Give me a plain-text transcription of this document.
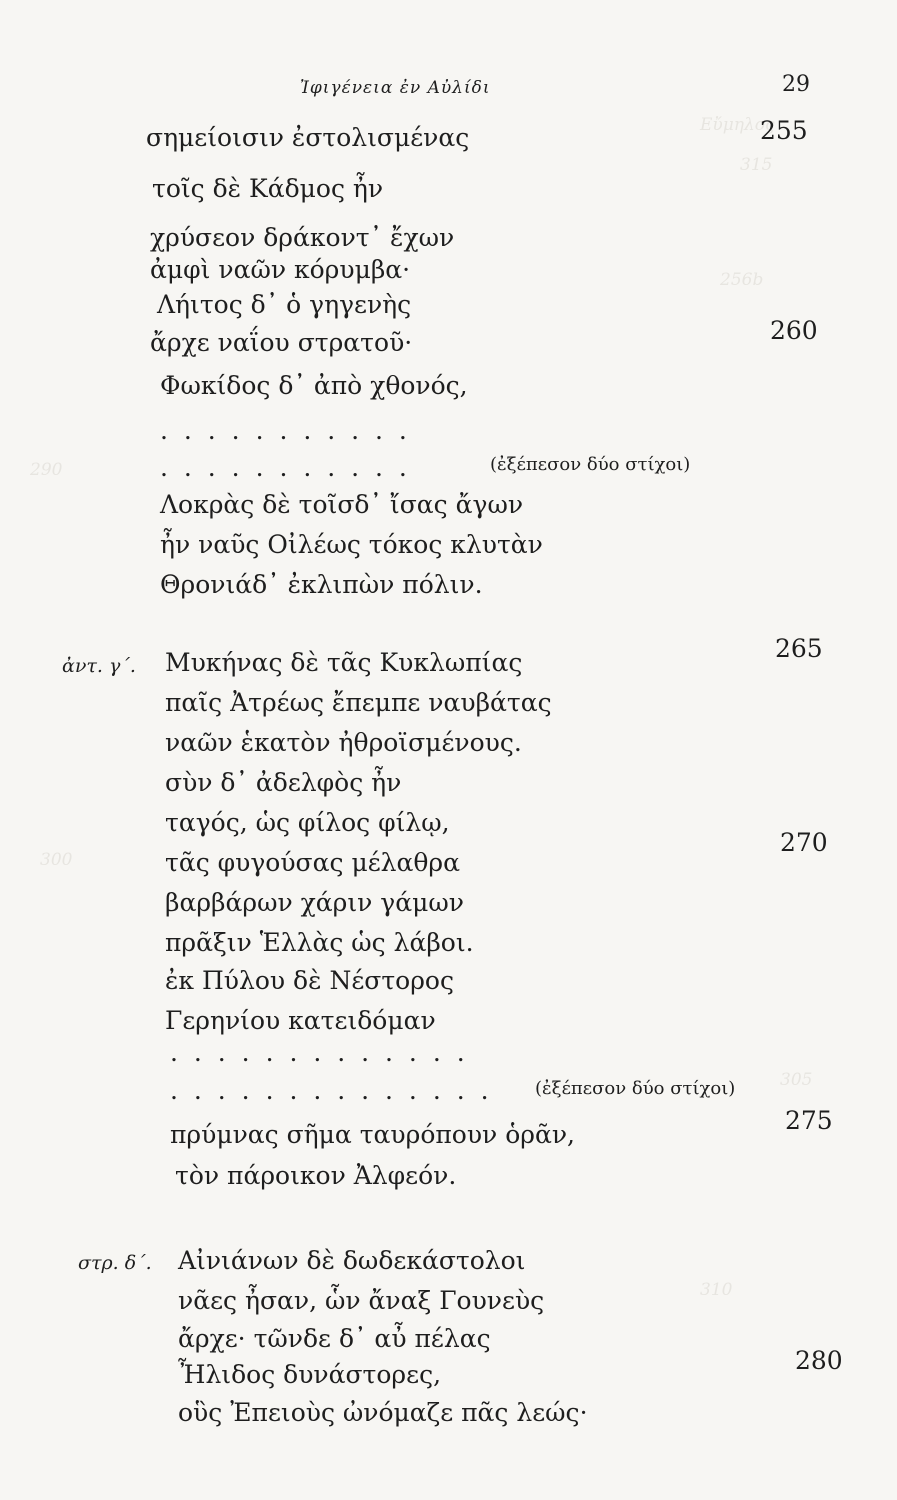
Εὔμηλος
315
256b
290
300
305
310
Ἰφιγένεια ἐν Αὐλίδι	29
σημείοισιν ἐστολισμένας	255
τοῖς δὲ Κάδμος ἦν
χρύσεον δράκοντ᾽ ἔχων
ἀμφὶ ναῶν κόρυμβα·
Λήιτος δ᾽ ὁ γηγενὴς
ἄρχε ναΐου στρατοῦ·	260
Φωκίδος δ᾽ ἀπὸ χθονός,
. . . . . . . . . . .
. . . . . . . . . . .	(ἐξέπεσον δύο στίχοι)
Λοκρὰς δὲ τοῖσδ᾽ ἴσας ἄγων
ἦν ναῦς Οἰλέως τόκος κλυτὰν
Θρονιάδ᾽ ἐκλιπὼν πόλιν.
ἀντ. γ΄. Μυκήνας δὲ τᾶς Κυκλωπίας	265
παῖς Ἀτρέως ἔπεμπε ναυβάτας
ναῶν ἑκατὸν ἠθροϊσμένους.
σὺν δ᾽ ἀδελφὸς ἦν
ταγός, ὡς φίλος φίλῳ,
τᾶς φυγούσας μέλαθρα
270
βαρβάρων χάριν γάμων
πρᾶξιν Ἑλλὰς ὡς λάβοι.
ἐκ Πύλου δὲ Νέστορος
Γερηνίου κατειδόμαν
. . . . . . . . . . . . .
. . . . . . . . . . . . . . (ἐξέπεσον δύο στίχοι)
πρύμνας σῆμα ταυρόπουν ὁρᾶν,	275
τὸν πάροικον Ἀλφεόν.
στρ. δ΄. Αἰνιάνων δὲ δωδεκάστολοι
νᾶες ἦσαν, ὧν ἄναξ Γουνεὺς
ἄρχε· τῶνδε δ᾽ αὖ πέλας
Ἦλιδος δυνάστορες,	280
οὓς Ἐπειοὺς ὠνόμαζε πᾶς λεώς·
